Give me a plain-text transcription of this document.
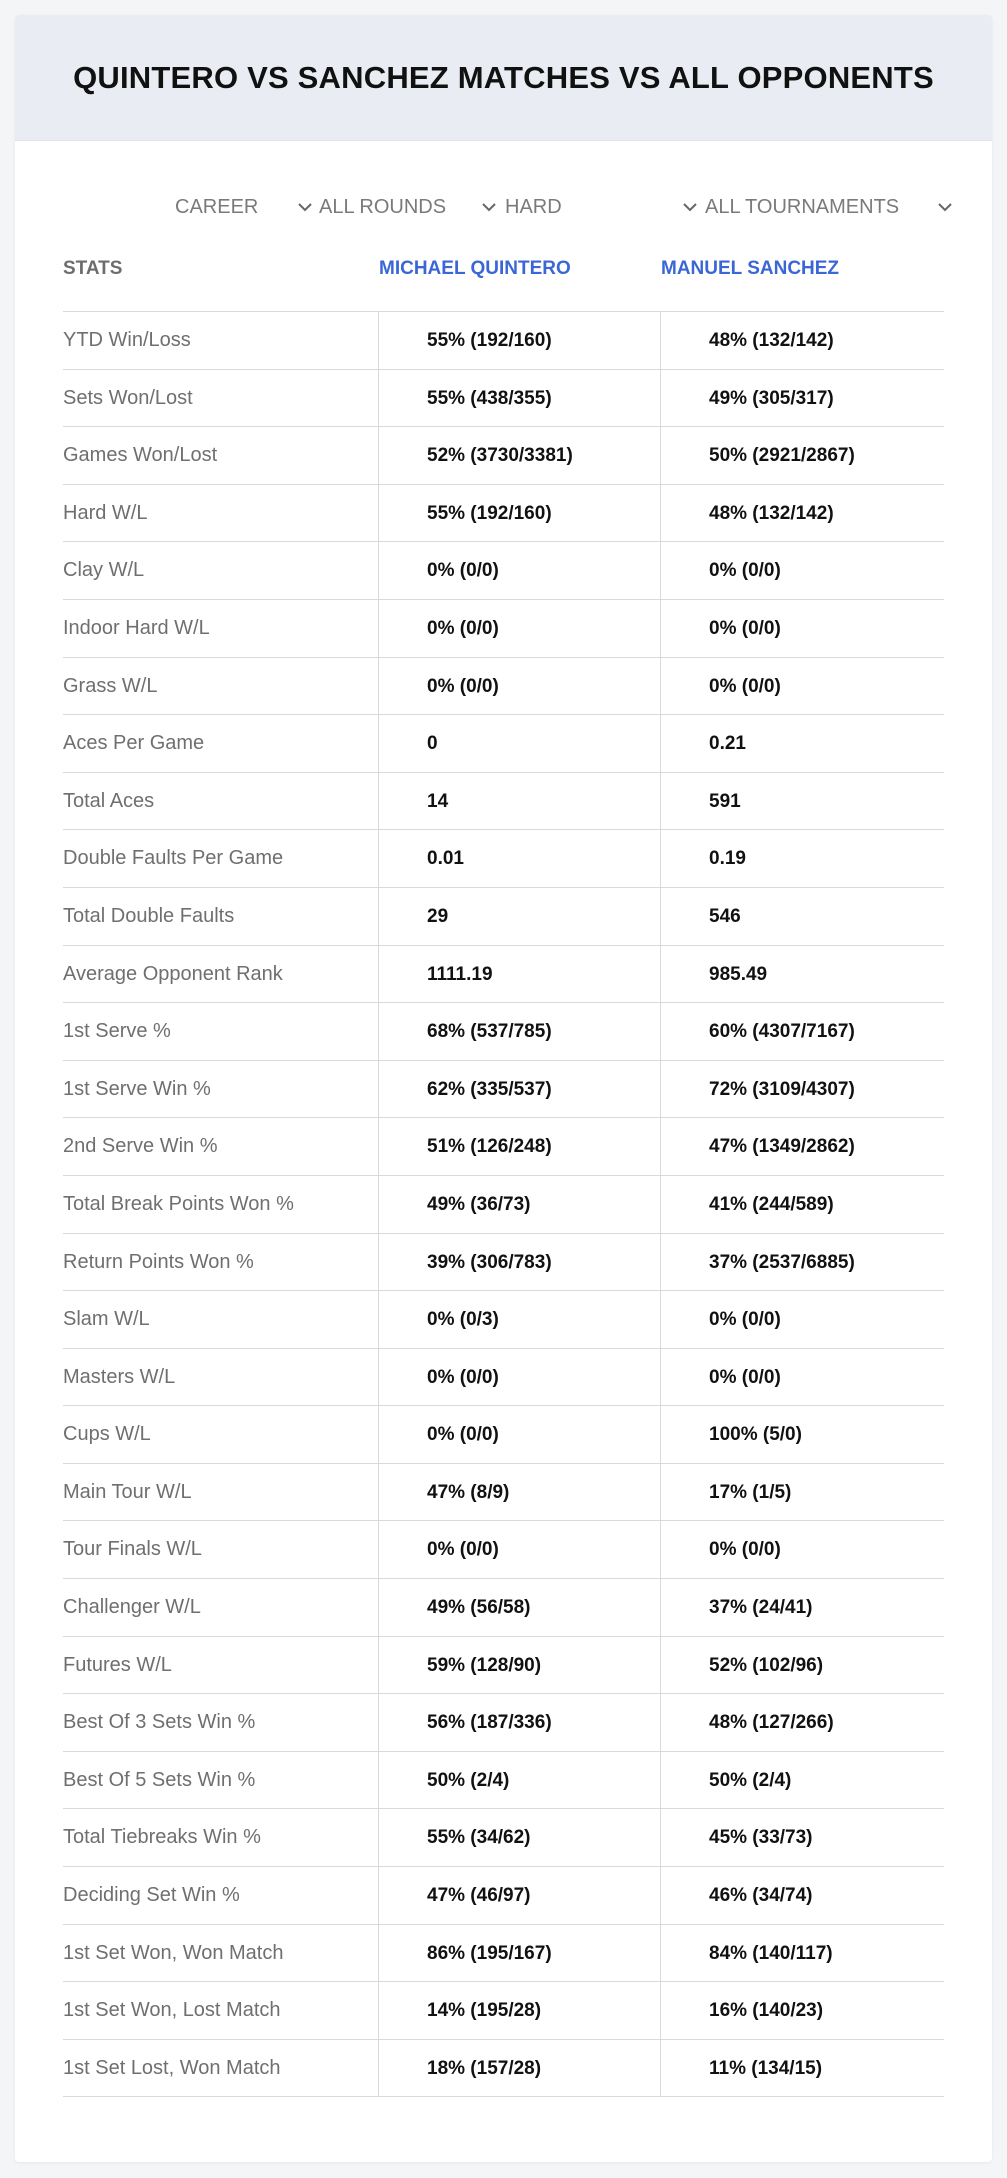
QUINTERO VS SANCHEZ MATCHES VS ALL OPPONENTS
CAREER	ALL ROUNDS	HARD	ALL TOURNAMENTS
STATS	MICHAEL QUINTERO	MANUEL SANCHEZ
YTD Win/Loss	55% (192/160)	48% (132/142)
Sets Won/Lost	55% (438/355)	49% (305/317)
Games Won/Lost	52% (3730/3381)	50% (2921/2867)
Hard W/L	55% (192/160)	48% (132/142)
Clay W/L	0% (0/0)	0% (0/0)
Indoor Hard W/L	0% (0/0)	0% (0/0)
Grass W/L	0% (0/0)	0% (0/0)
Aces Per Game	0	0.21
Total Aces	14	591
Double Faults Per Game	0.01	0.19
Total Double Faults	29	546
Average Opponent Rank	1111.19	985.49
1st Serve %	68% (537/785)	60% (4307/7167)
1st Serve Win %	62% (335/537)	72% (3109/4307)
2nd Serve Win %	51% (126/248)	47% (1349/2862)
Total Break Points Won %	49% (36/73)	41% (244/589)
Return Points Won %	39% (306/783)	37% (2537/6885)
Slam W/L	0% (0/3)	0% (0/0)
Masters W/L	0% (0/0)	0% (0/0)
Cups W/L	0% (0/0)	100% (5/0)
Main Tour W/L	47% (8/9)	17% (1/5)
Tour Finals W/L	0% (0/0)	0% (0/0)
Challenger W/L	49% (56/58)	37% (24/41)
Futures W/L	59% (128/90)	52% (102/96)
Best Of 3 Sets Win %	56% (187/336)	48% (127/266)
Best Of 5 Sets Win %	50% (2/4)	50% (2/4)
Total Tiebreaks Win %	55% (34/62)	45% (33/73)
Deciding Set Win %	47% (46/97)	46% (34/74)
1st Set Won, Won Match	86% (195/167)	84% (140/117)
1st Set Won, Lost Match	14% (195/28)	16% (140/23)
1st Set Lost, Won Match	18% (157/28)	11% (134/15)
